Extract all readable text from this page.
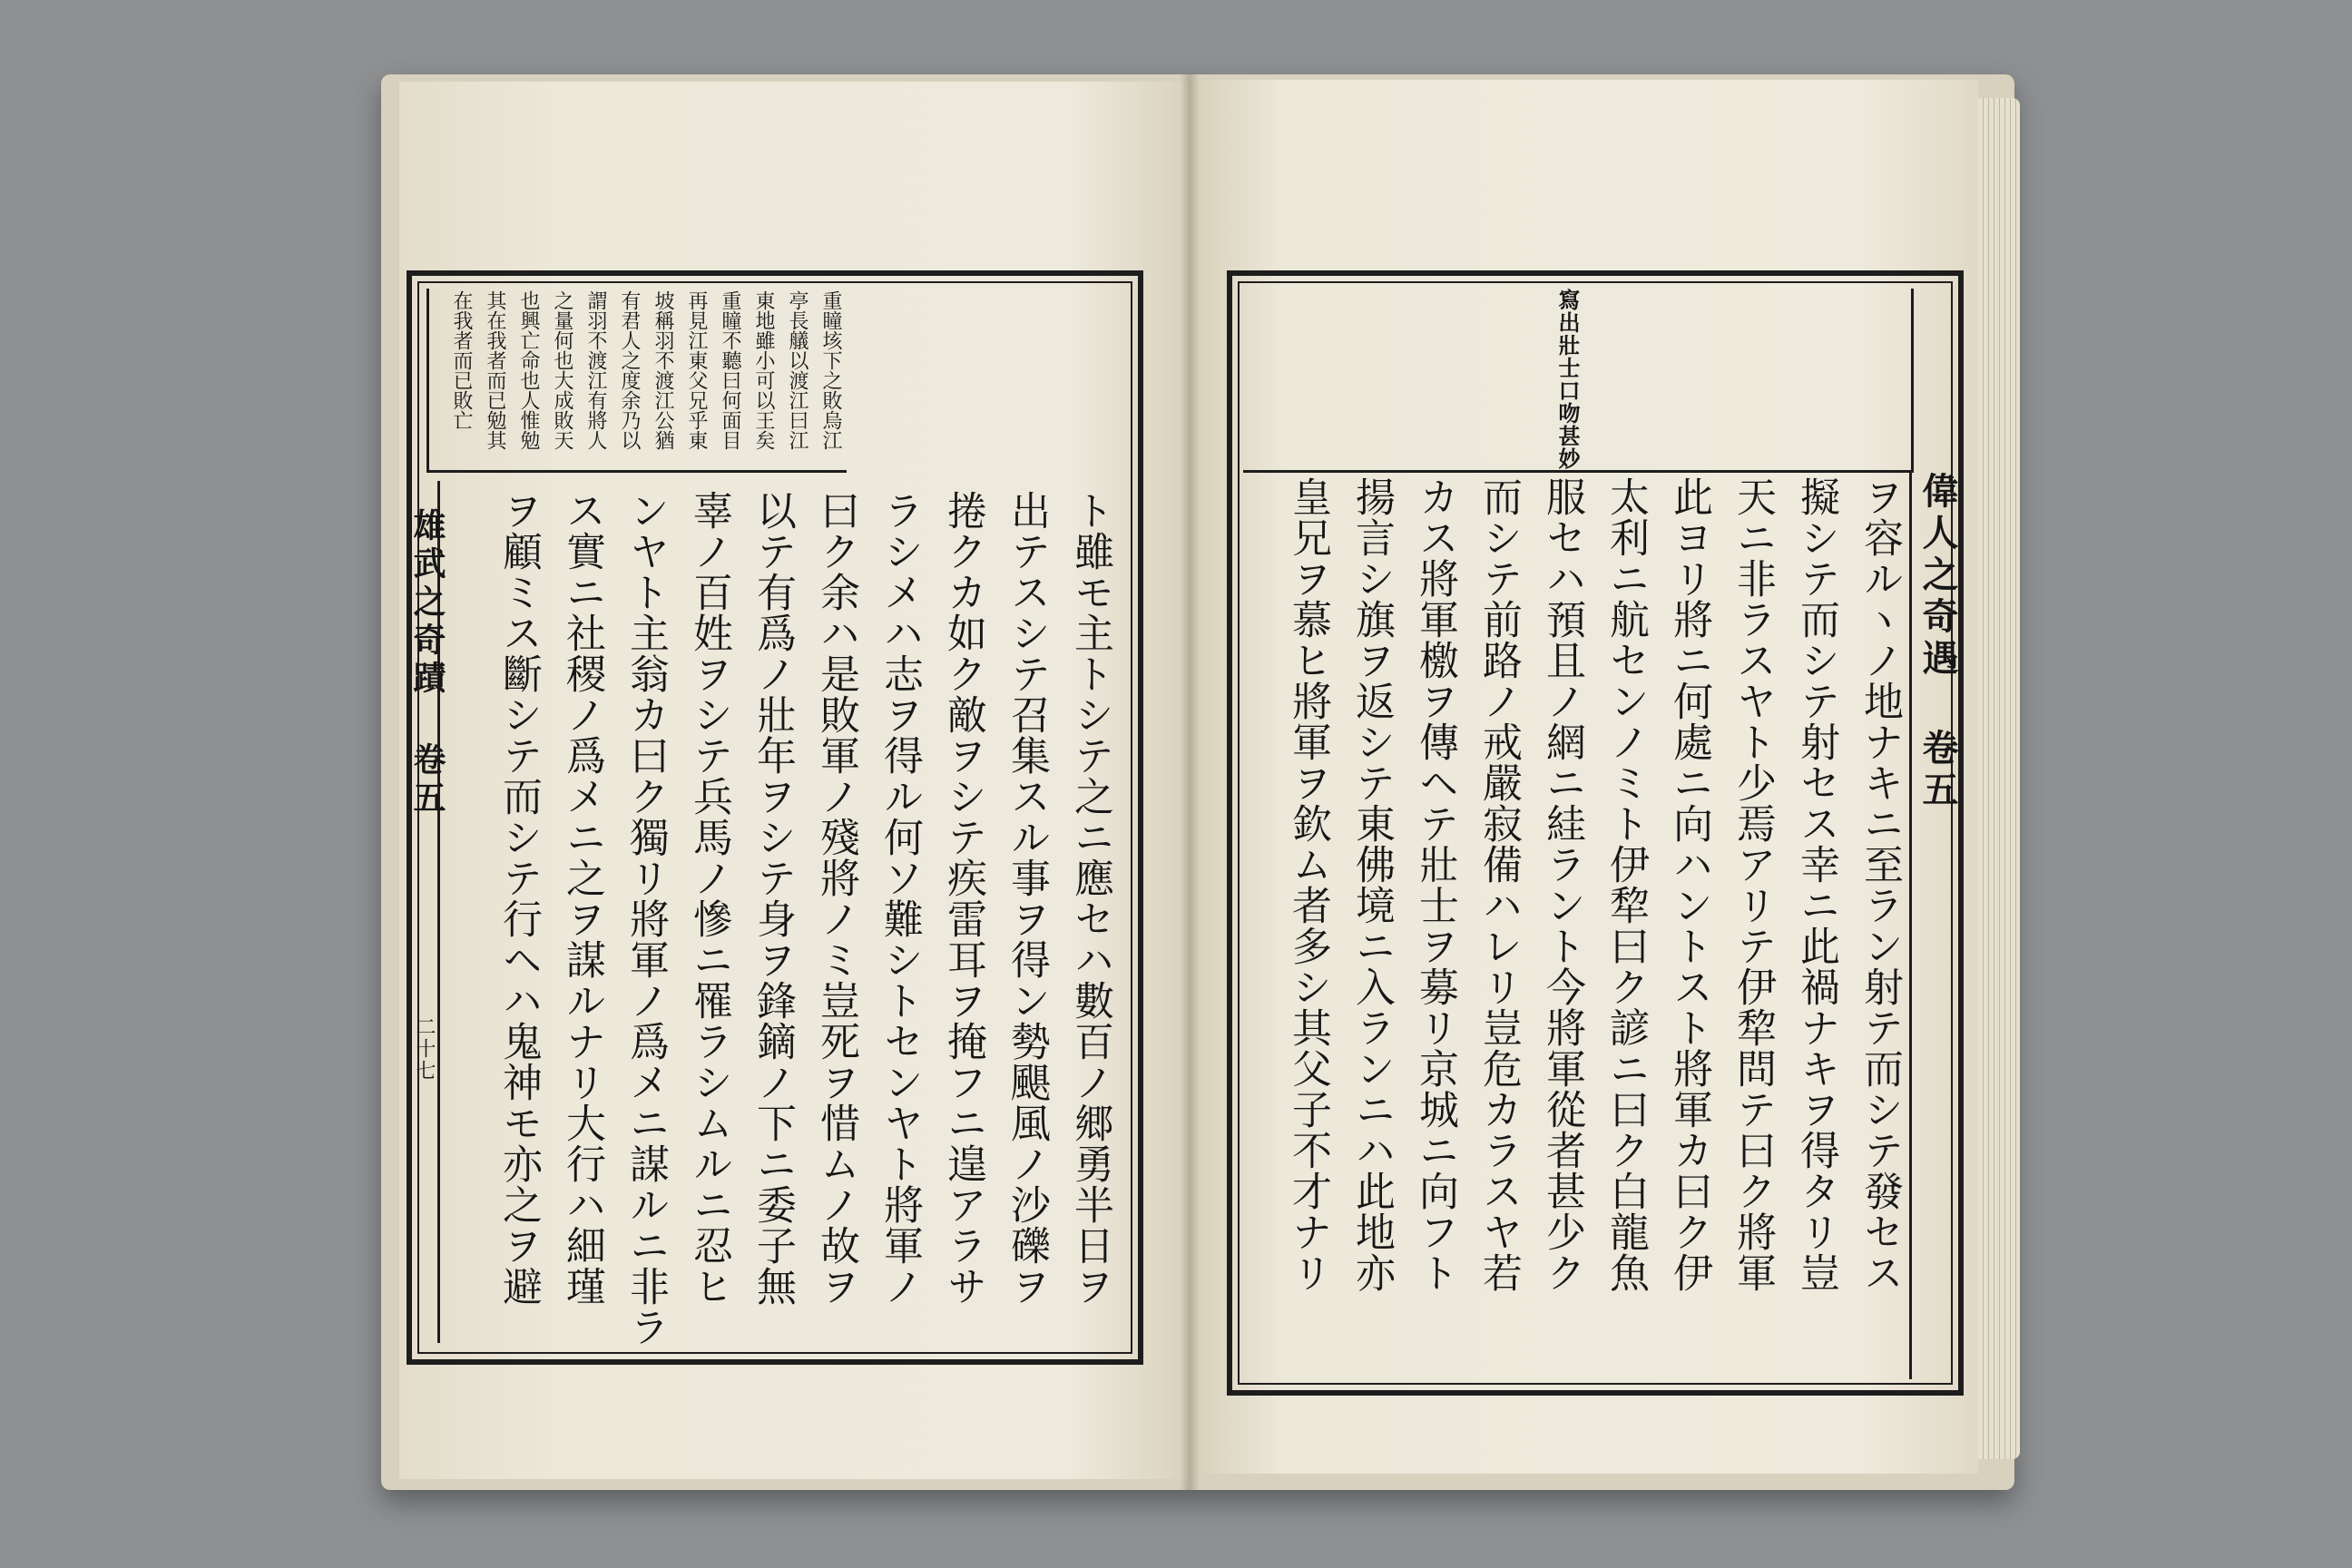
重瞳垓下之敗烏江
亭長艤以渡江曰江
東地雖小可以王矣
重瞳不聽曰何面目
再見江東父兄乎東
坡稱羽不渡江公猶
有君人之度余乃以
謂羽不渡江有將人
之量何也大成敗天
也興亡命也人惟勉
其在我者而已勉其
在我者而已敗亡
雄武之奇蹟 卷五
二十七	ト雖モ主トシテ之ニ應セハ數百ノ郷勇半日ヲ
出テスシテ召集スル事ヲ得ン勢颶風ノ沙礫ヲ
捲クカ如ク敵ヲシテ疾雷耳ヲ掩フニ遑アラサ
ラシメハ志ヲ得ル何ソ難シトセンヤト將軍ノ
曰ク余ハ是敗軍ノ殘將ノミ豈死ヲ惜ムノ故ヲ
以テ有爲ノ壯年ヲシテ身ヲ鋒鏑ノ下ニ委子無
辜ノ百姓ヲシテ兵馬ノ慘ニ罹ラシムルニ忍ヒ
ンヤト主翁カ曰ク獨リ將軍ノ爲メニ謀ルニ非ラ
ス實ニ社稷ノ爲メニ之ヲ謀ルナリ大行ハ細瑾
ヲ顧ミス斷シテ而シテ行ヘハ鬼神モ亦之ヲ避
寫出壯士口吻甚妙
偉人之奇遇 卷五
ヲ容ルヽノ地ナキニ至ラン射テ而シテ發セス
擬シテ而シテ射セス幸ニ此禍ナキヲ得タリ豈
天ニ非ラスヤト少焉アリテ伊犂問テ曰ク將軍
此ヨリ將ニ何處ニ向ハントスト將軍カ曰ク伊
太利ニ航センノミト伊犂曰ク諺ニ曰ク白龍魚
服セハ預且ノ網ニ絓ラント今將軍從者甚少ク
而シテ前路ノ戒嚴寂備ハレリ豈危カラスヤ若
カス將軍檄ヲ傳ヘテ壯士ヲ募リ京城ニ向フト
揚言シ旗ヲ返シテ東佛境ニ入ランニハ此地亦
皇兄ヲ慕ヒ將軍ヲ欽ム者多シ其父子不才ナリ
